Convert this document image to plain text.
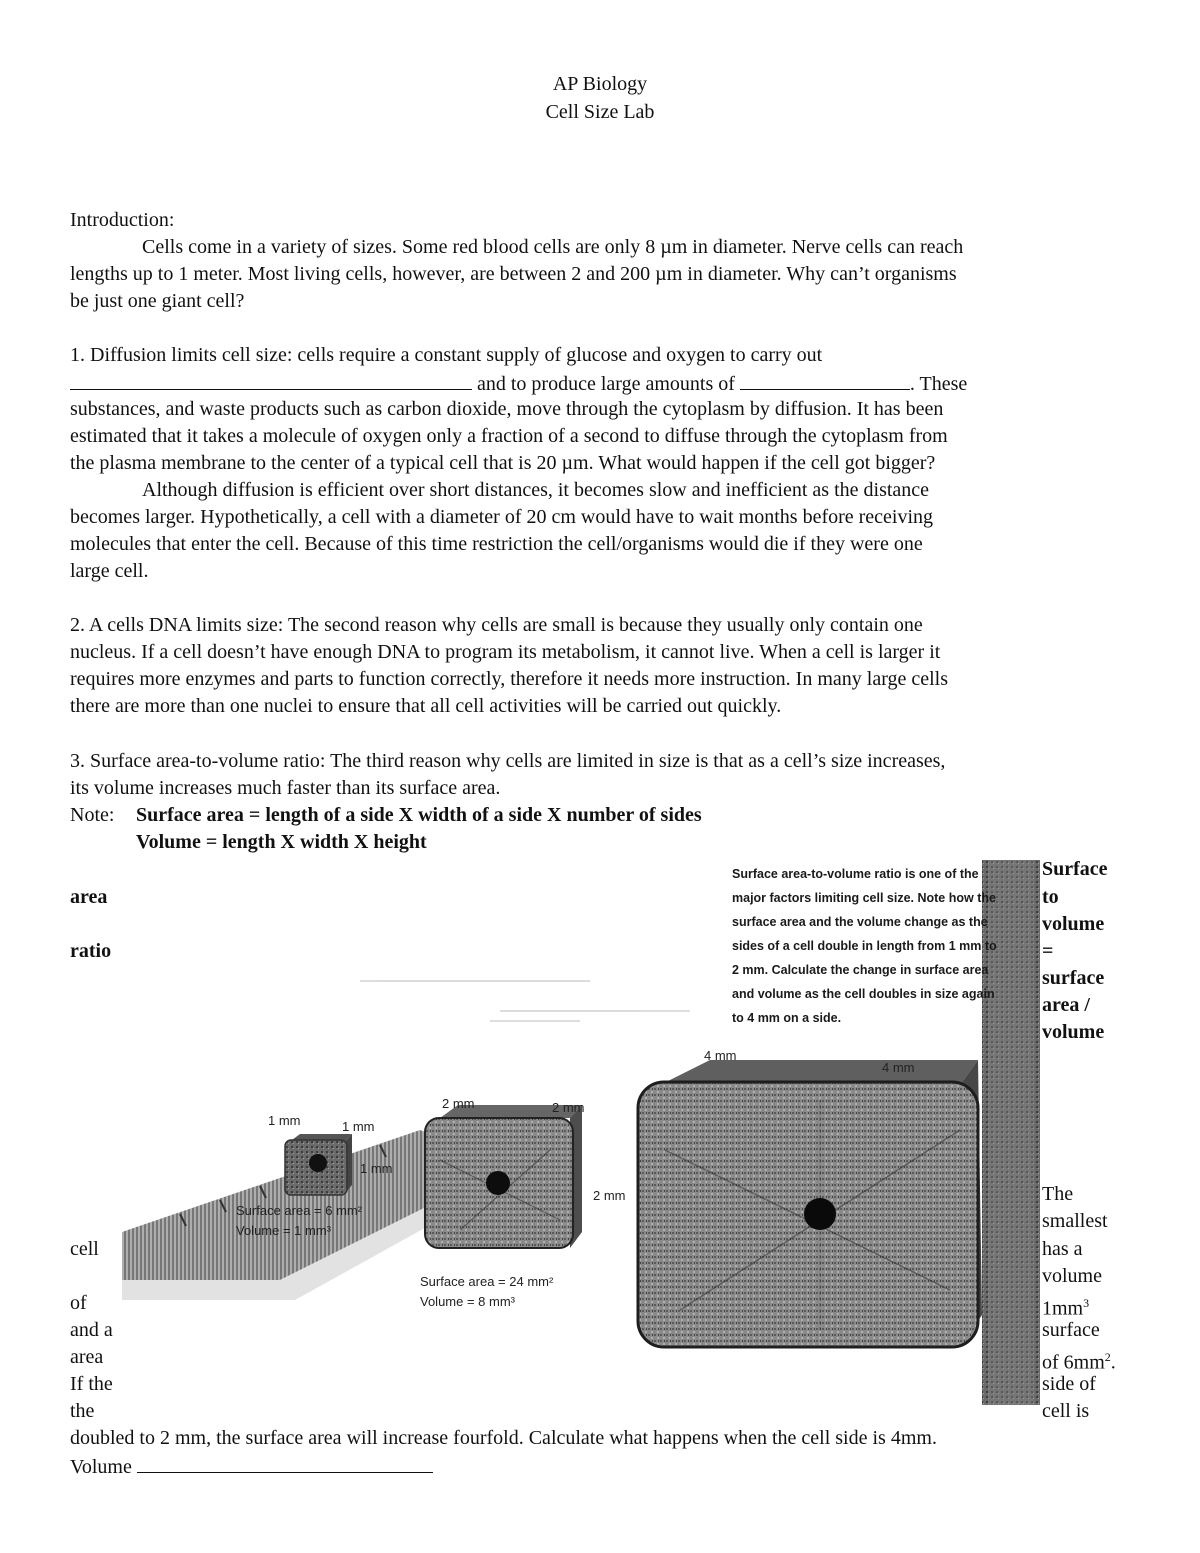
AP Biology
Cell Size Lab
Introduction:
Cells come in a variety of sizes. Some red blood cells are only 8 µm in diameter. Nerve cells can reach
lengths up to 1 meter. Most living cells, however, are between 2 and 200 µm in diameter. Why can’t organisms
be just one giant cell?
1. Diffusion limits cell size: cells require a constant supply of glucose and oxygen to carry out
and to produce large amounts of	. These
substances, and waste products such as carbon dioxide, move through the cytoplasm by diffusion. It has been
estimated that it takes a molecule of oxygen only a fraction of a second to diffuse through the cytoplasm from
the plasma membrane to the center of a typical cell that is 20 µm. What would happen if the cell got bigger?
Although diffusion is efficient over short distances, it becomes slow and inefficient as the distance
becomes larger. Hypothetically, a cell with a diameter of 20 cm would have to wait months before receiving
molecules that enter the cell. Because of this time restriction the cell/organisms would die if they were one
large cell.
2. A cells DNA limits size: The second reason why cells are small is because they usually only contain one
nucleus. If a cell doesn’t have enough DNA to program its metabolism, it cannot live. When a cell is larger it
requires more enzymes and parts to function correctly, therefore it needs more instruction. In many large cells
there are more than one nuclei to ensure that all cell activities will be carried out quickly.
3. Surface area-to-volume ratio: The third reason why cells are limited in size is that as a cell’s size increases,
its volume increases much faster than its surface area.
Note: Surface area = length of a side X width of a side X number of sides
Volume = length X width X height
1 mm	1 mm
1 mm
Surface area = 6 mm²
Volume = 1 mm³
2 mm	2 mm
2 mm
Surface area = 24 mm²
Volume = 8 mm³
4 mm
4 mm
Surface area-to-volume ratio is one of the
major factors limiting cell size. Note how the
surface area and the volume change as the
sides of a cell double in length from 1 mm to
2 mm. Calculate the change in surface area
and volume as the cell doubles in size again
to 4 mm on a side.
area
ratio
cell
of
and a
area
If the
the
Surface
to
volume
=
surface
area /
volume
The
smallest
has a
volume
$1mm^3$
surface
of $6mm^2$.
side of
cell is
doubled to 2 mm, the surface area will increase fourfold. Calculate what happens when the cell side is 4mm.
Volume
